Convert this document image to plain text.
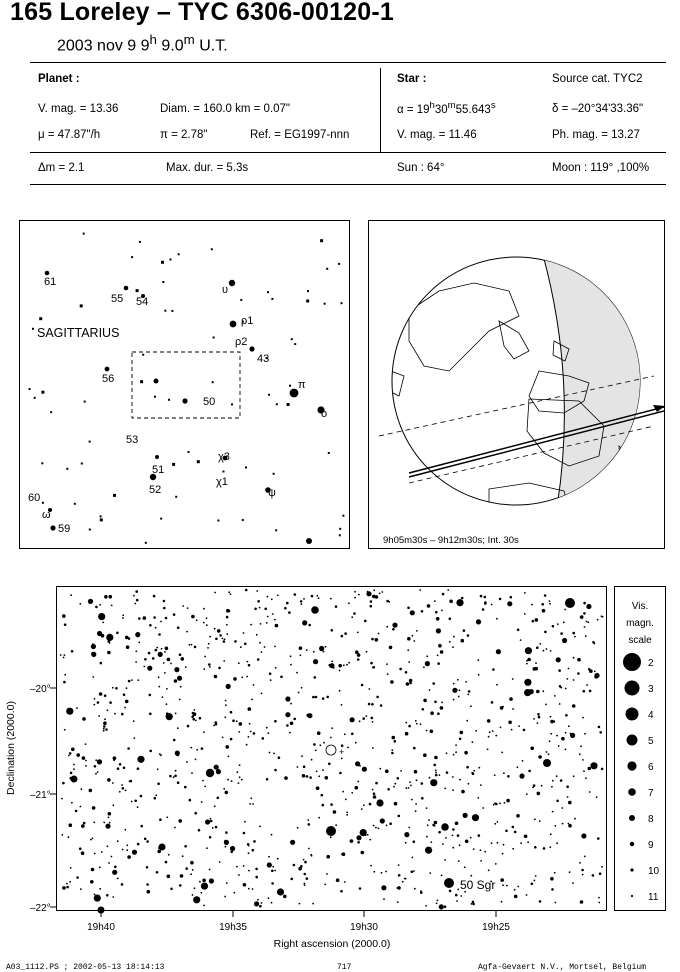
165 Loreley – TYC 6306-00120-1
2003 nov 9 9$^h$ 9.0$^m$ U.T.
Planet :
V. mag. = 13.36	Diam. = 160.0 km = 0.07"
μ = 47.87"/h	π = 2.78"	Ref. = EG1997-nnn
Star :	Source cat. TYC2
$\alpha = 19^h30^m55.643^s$	δ = –20°34'33.36"
V. mag. = 11.46	Ph. mag. = 13.27
Δm = 2.1	Max. dur. = 5.3s	Sun : 64°	Moon : 119° ,100%
SAGITTARIUS
61
55 54
υ
ρ1
ρ2
43
56	π
50
ο
53
χ3
51
52
χ1
ψ
60
ω
59
9h05m30s – 9h12m30s; Int. 30s
+
50 Sgr
–20°
–21°
–22°
Declination (2000.0)
19h40	19h35	19h30	19h25
Right ascension (2000.0)
Vis.
magn.
scale
2
3
4
5
6
7
8
9
10
11
A03_1112.PS ; 2002-05-13 18:14:13	717	Agfa-Gevaert N.V., Mortsel, Belgium
